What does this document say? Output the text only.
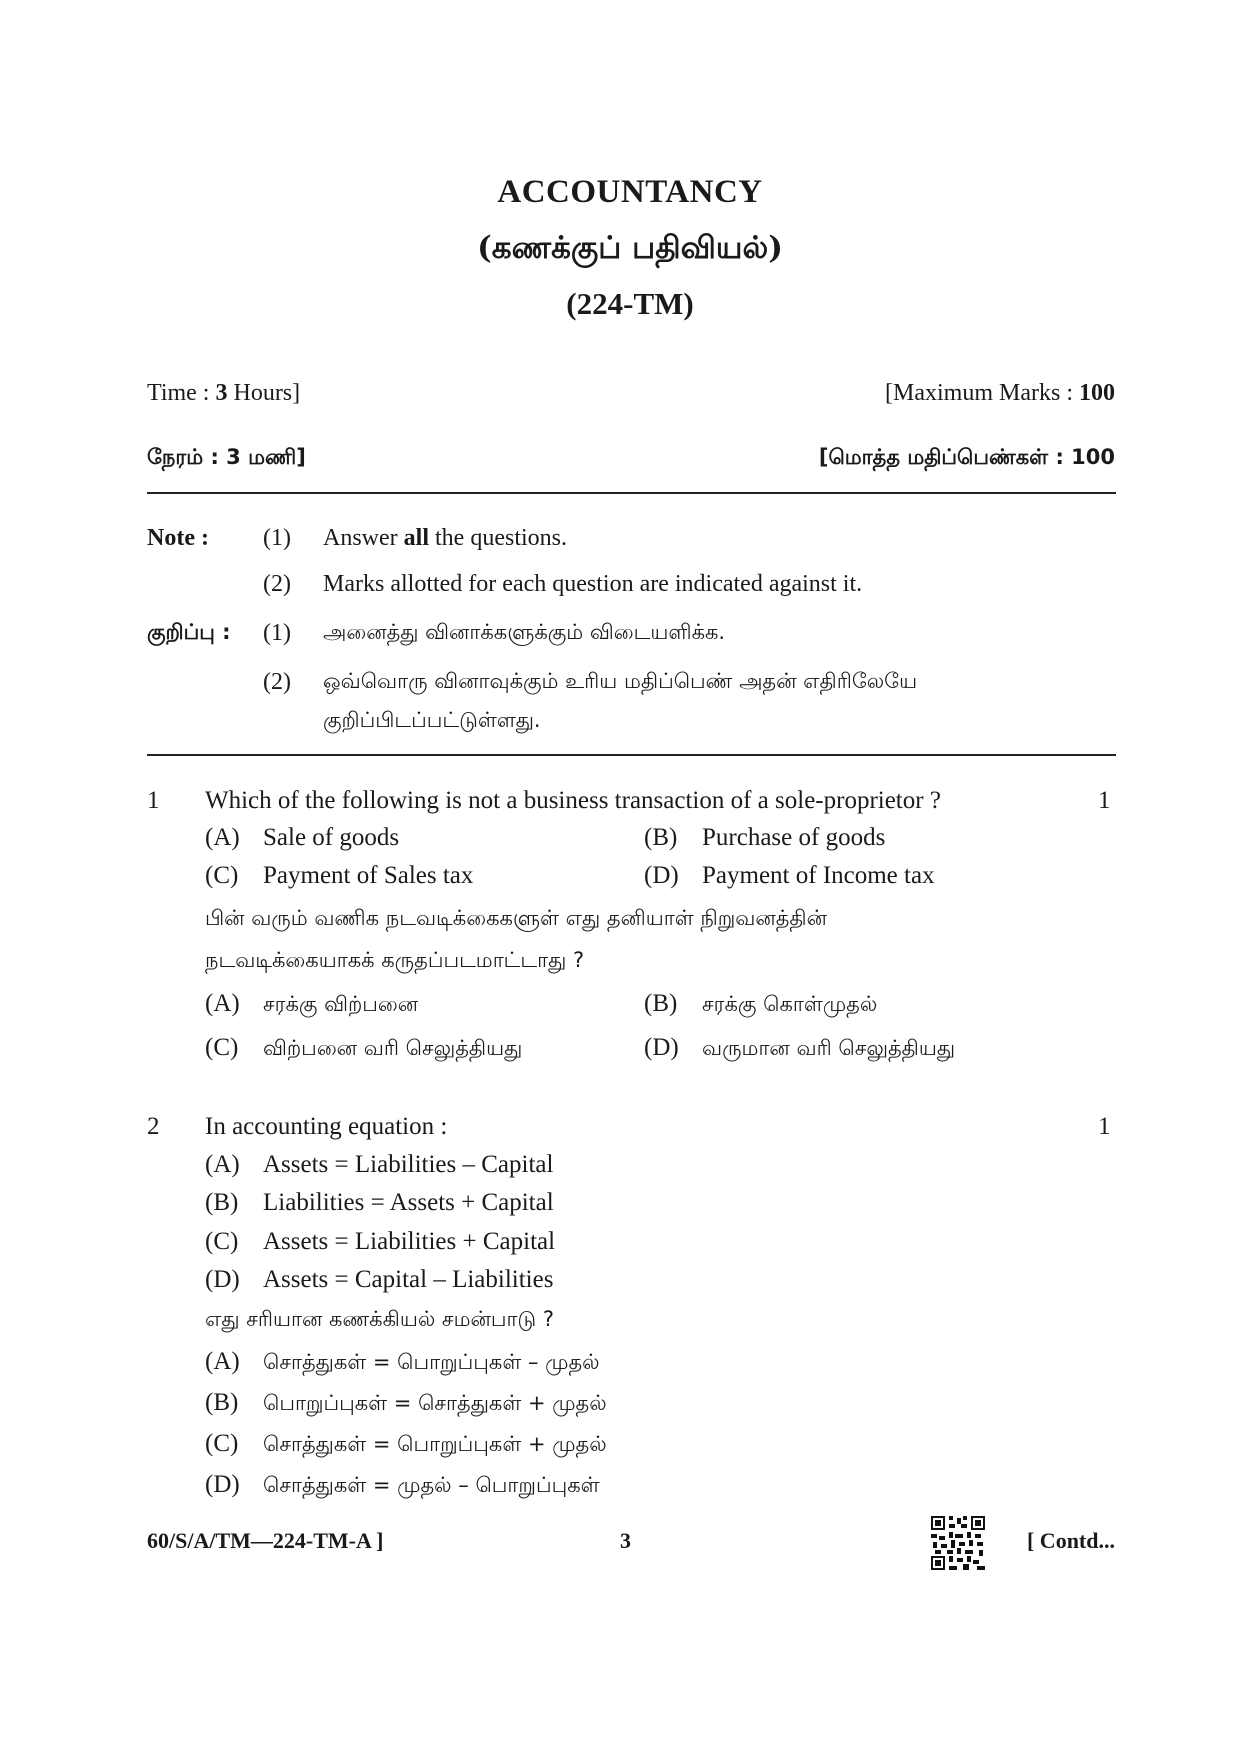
ACCOUNTANCY
(கணக்குப் பதிவியல்)
(224-TM)
Time : 3 Hours]	[Maximum Marks : 100
நேரம் : 3 மணி]	[மொத்த மதிப்பெண்கள் : 100
Note : (1) Answer all the questions.
(2) Marks allotted for each question are indicated against it.
குறிப்பு : (1) அனைத்து வினாக்களுக்கும் விடையளிக்க.
(2) ஒவ்வொரு வினாவுக்கும் உரிய மதிப்பெண் அதன் எதிரிலேயே
குறிப்பிடப்பட்டுள்ளது.
1 Which of the following is not a business transaction of a sole-proprietor ?	1
(A) Sale of goods	(B) Purchase of goods
(C) Payment of Sales tax	(D) Payment of Income tax
பின் வரும் வணிக நடவடிக்கைகளுள் எது தனியாள் நிறுவனத்தின்
நடவடிக்கையாகக் கருதப்படமாட்டாது ?
(A) சரக்கு விற்பனை	(B) சரக்கு கொள்முதல்
(C) விற்பனை வரி செலுத்தியது	(D) வருமான வரி செலுத்தியது
2 In accounting equation :	1
(A) Assets = Liabilities – Capital
(B) Liabilities = Assets + Capital
(C) Assets = Liabilities + Capital
(D) Assets = Capital – Liabilities
எது சரியான கணக்கியல் சமன்பாடு ?
(A) சொத்துகள் = பொறுப்புகள் – முதல்
(B) பொறுப்புகள் = சொத்துகள் + முதல்
(C) சொத்துகள் = பொறுப்புகள் + முதல்
(D) சொத்துகள் = முதல் – பொறுப்புகள்
60/S/A/TM—224-TM-A ]	3	[ Contd...
